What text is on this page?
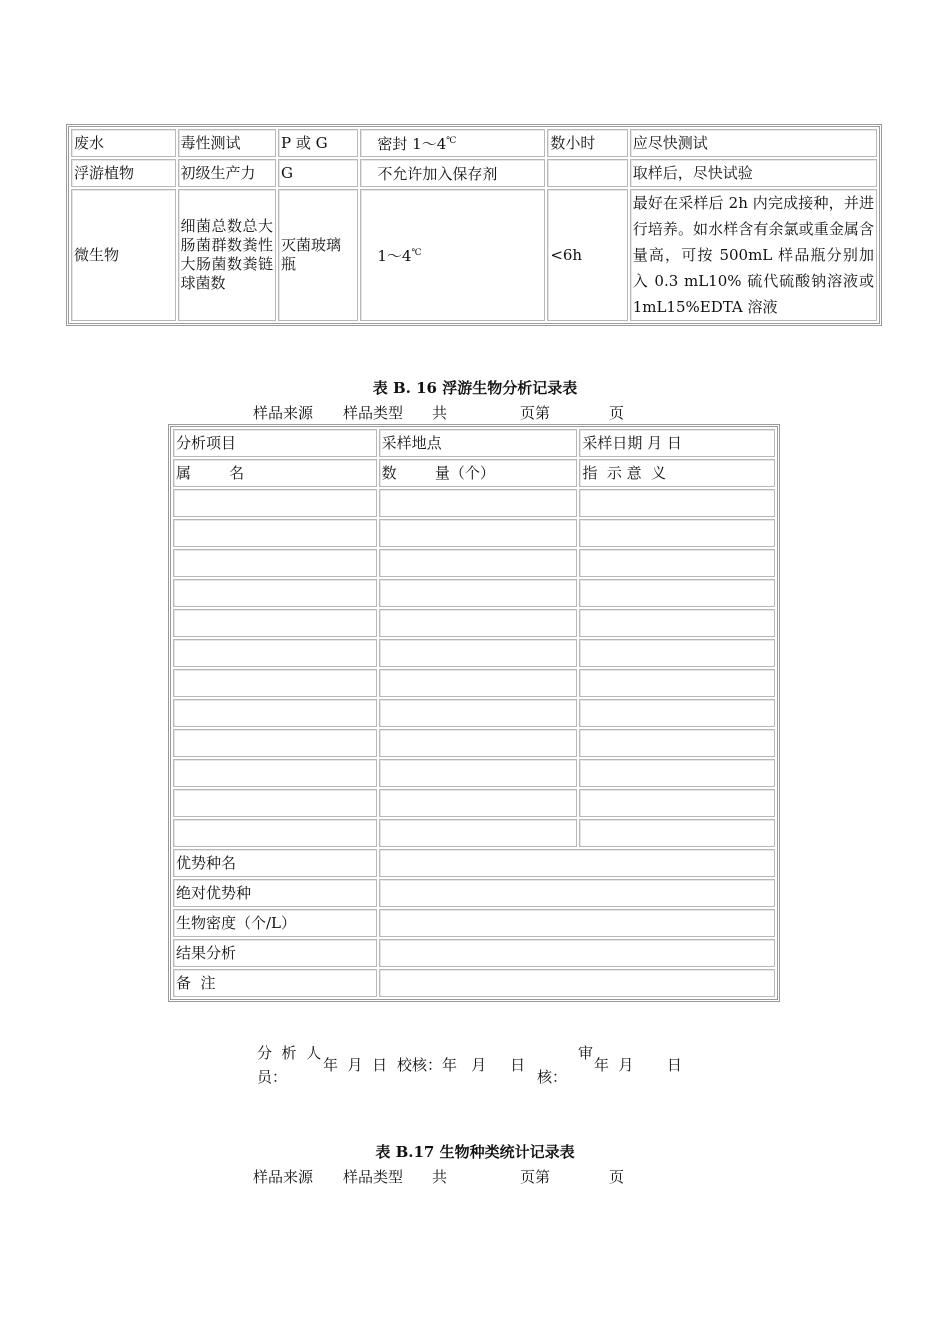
废水	毒性测试	P 或 G	密封 1～4℃	数小时	应尽快测试
浮游植物	初级生产力	G	不允许加入保存剂		取样后，尽快试验
微生物	细菌总数总大肠菌群数粪性大肠菌数粪链球菌数	灭菌玻璃瓶	1～4℃	<6h	最好在采样后 2h 内完成接种，并进行培养。如水样含有余氯或重金属含量高，可按 500mL 样品瓶分别加入 0.3 mL10% 硫代硫酸钠溶液或 1mL15%EDTA 溶液
表 B. 16 浮游生物分析记录表
样品来源 样品类型 共	页第	页
分析项目	采样地点	采样日期 月 日
属        名	数        量（个）	指  示 意  义

优势种名		
绝对优势种		
生物密度（个/L）		
结果分析		
备  注		
分  析  人
员：
年  月  日 校核：年   月     日
审
核：
年  月       日
表 B.17 生物种类统计记录表
样品来源 样品类型 共	页第	页
